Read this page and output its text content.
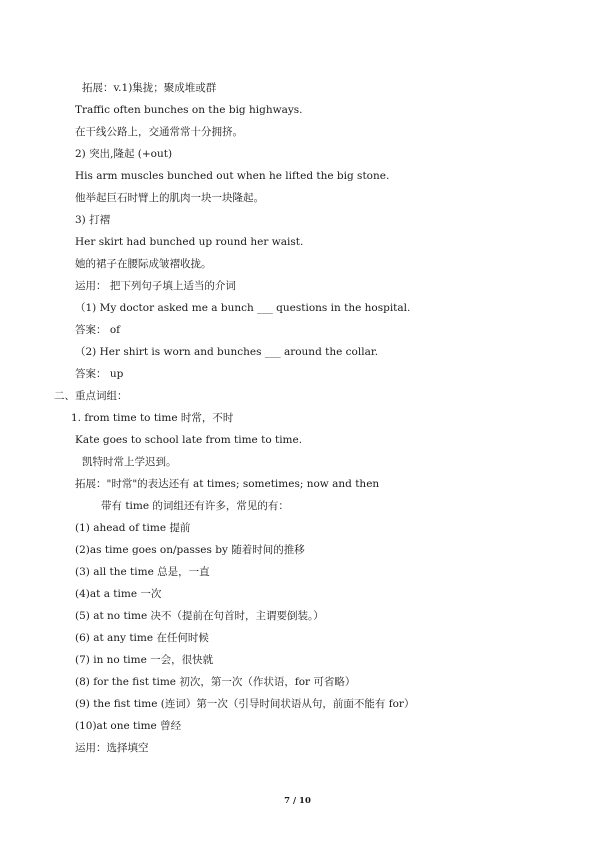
拓展：v.1)集拢；聚成堆或群
Traffic often bunches on the big highways.
在干线公路上，交通常常十分拥挤。
2) 突出,隆起 (+out)
His arm muscles bunched out when he lifted the big stone.
他举起巨石时臂上的肌肉一块一块隆起。
3) 打褶
Her skirt had bunched up round her waist.
她的裙子在腰际成皱褶收拢。
运用： 把下列句子填上适当的介词
（1) My doctor asked me a bunch ___ questions in the hospital.
答案： of
（2) Her shirt is worn and bunches ___ around the collar.
答案： up
二、重点词组：
1. from time to time 时常，不时
Kate goes to school late from time to time.
凯特时常上学迟到。
拓展："时常"的表达还有 at times; sometimes; now and then
带有 time 的词组还有许多，常见的有：
(1) ahead of time 提前
(2)as time goes on/passes by 随着时间的推移
(3) all the time 总是，一直
(4)at a time 一次
(5) at no time 决不（提前在句首时，主谓要倒装。）
(6) at any time 在任何时候
(7) in no time 一会，很快就
(8) for the fist time 初次，第一次（作状语，for 可省略）
(9) the fist time (连词）第一次（引导时间状语从句，前面不能有 for）
(10)at one time 曾经
运用：选择填空
7 / 10
